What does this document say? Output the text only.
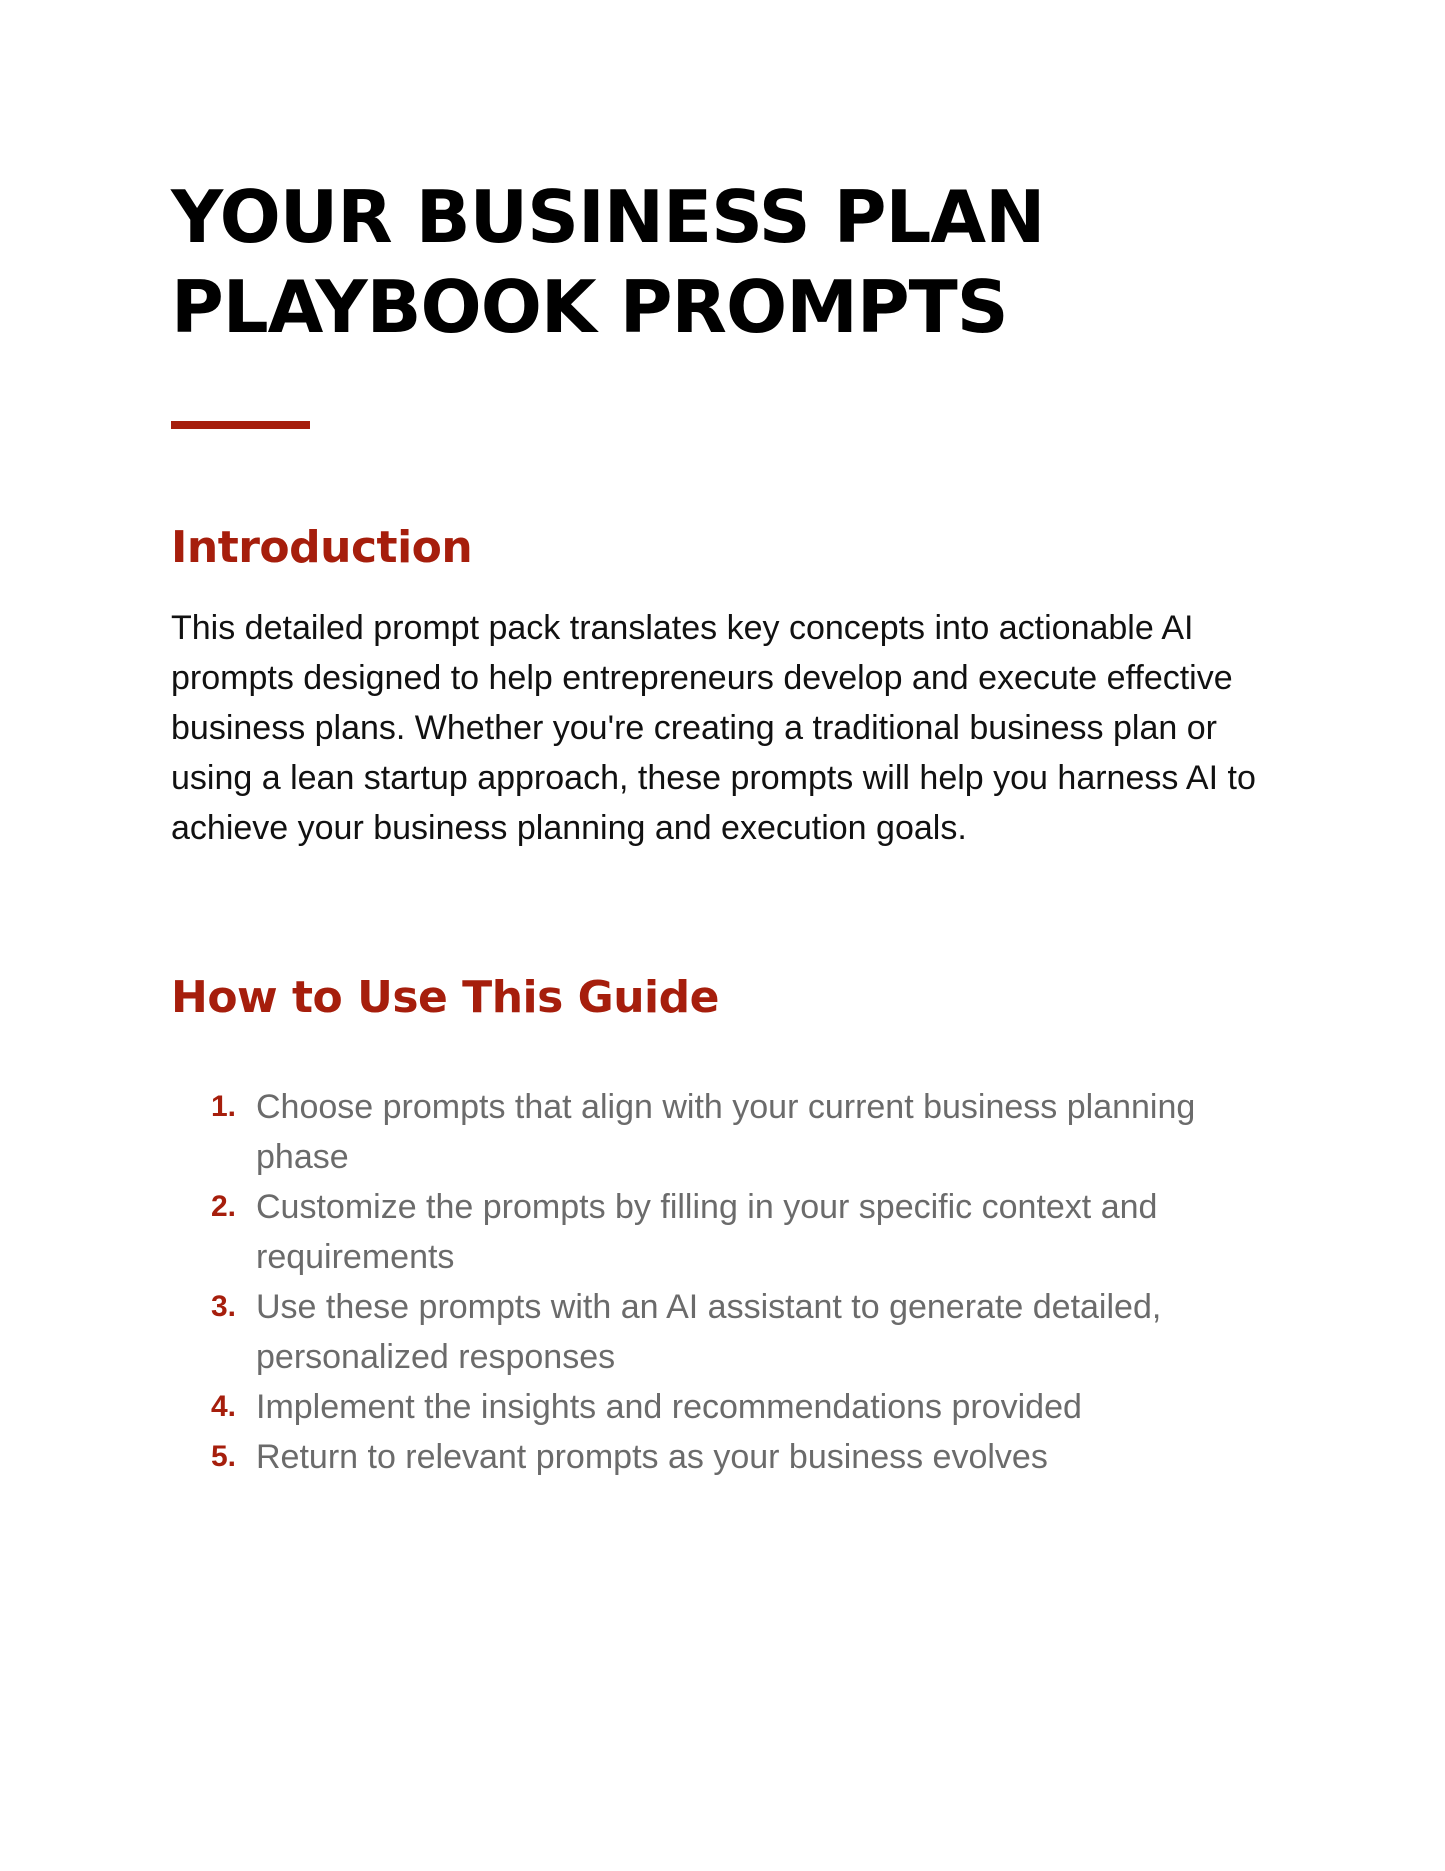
YOUR BUSINESS PLAN
PLAYBOOK PROMPTS
Introduction

This detailed prompt pack translates key concepts into actionable AI prompts designed to help entrepreneurs develop and execute effective business plans. Whether you're creating a traditional business plan or using a lean startup approach, these prompts will help you harness AI to achieve your business planning and execution goals.

How to Use This Guide
1. Choose prompts that align with your current business planning phase
2. Customize the prompts by filling in your specific context and requirements
3. Use these prompts with an AI assistant to generate detailed, personalized responses
4. Implement the insights and recommendations provided
5. Return to relevant prompts as your business evolves
